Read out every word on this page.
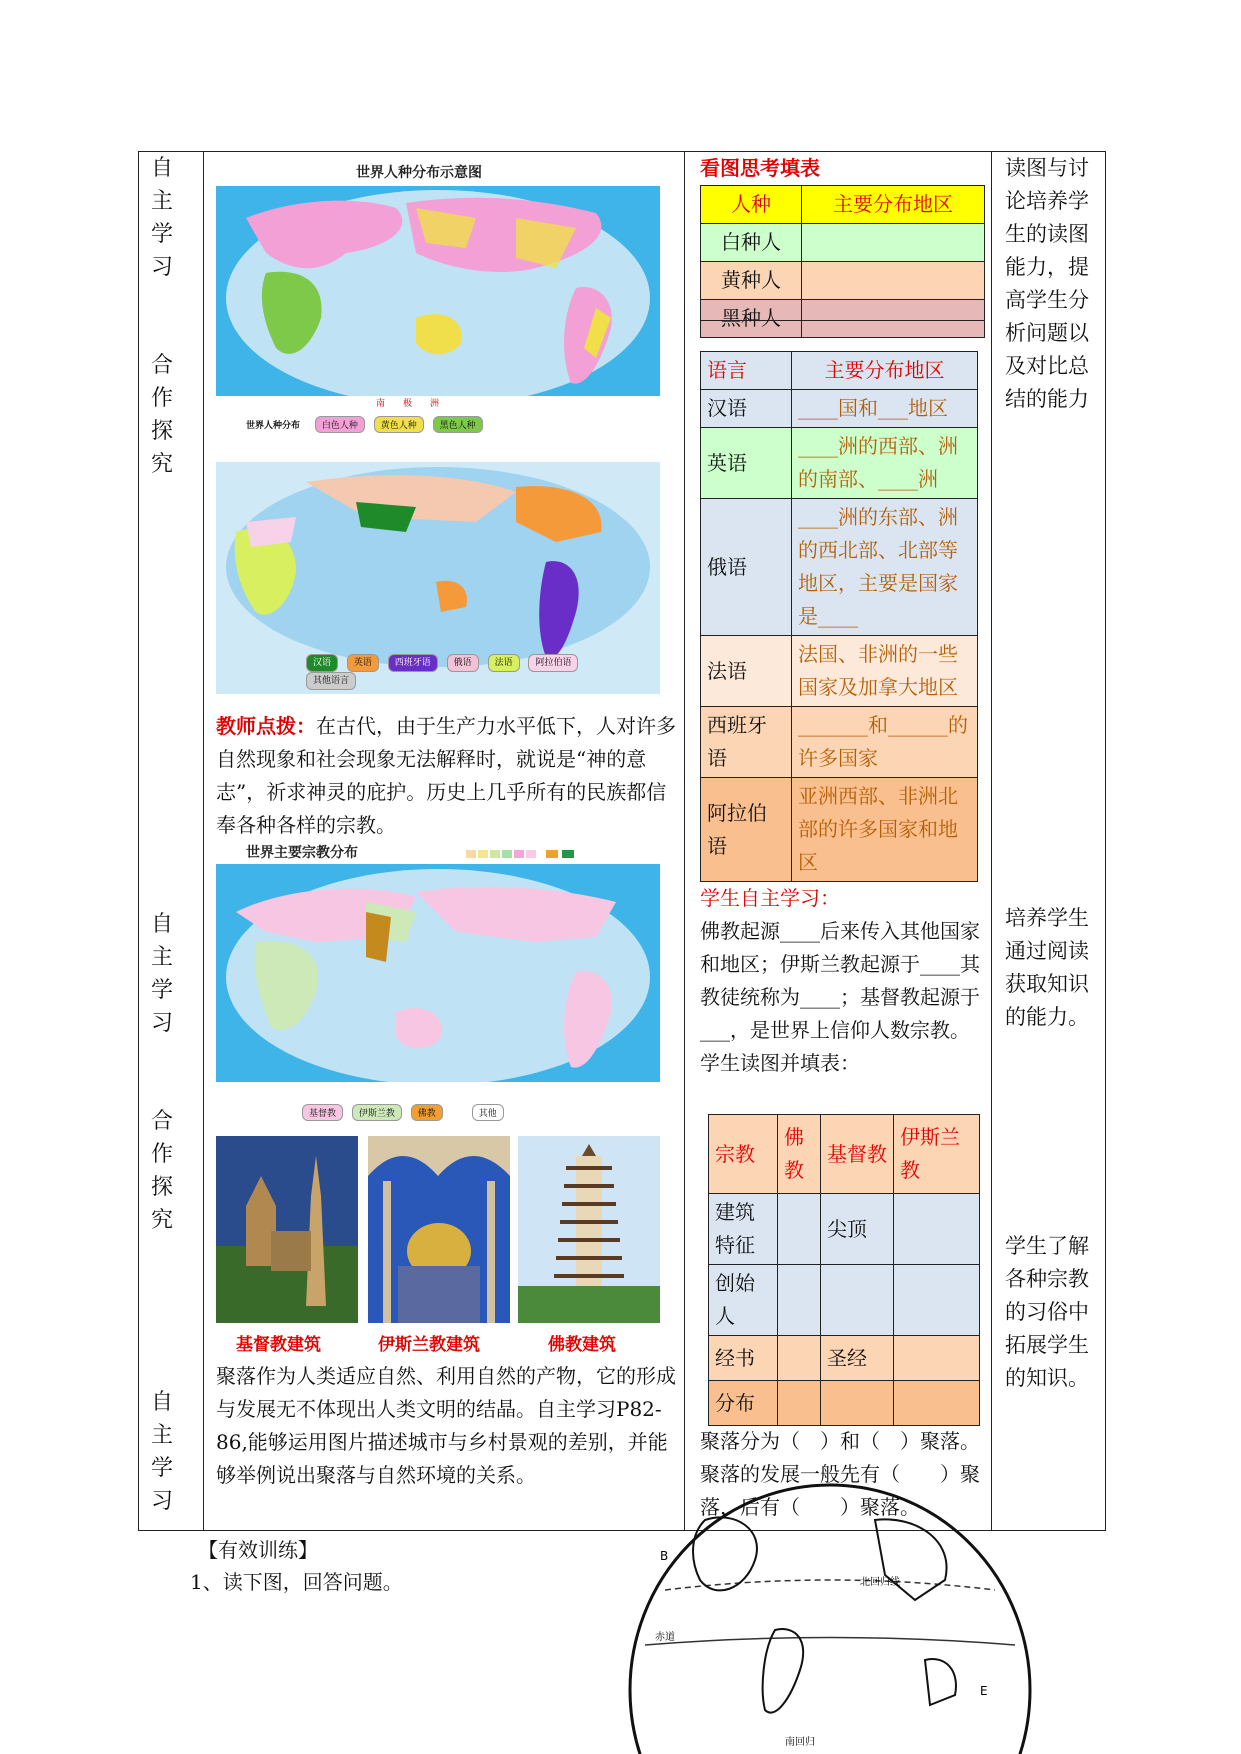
自主学习
合作探究
自主学习
合作探究
自主学习
世界人种分布示意图
南　　极　　洲
世界人种分布 白色人种	黄色人种	黑色人种
汉语	英语	西班牙语	俄语	法语	阿拉伯语 其他语言
教师点拨：在古代，由于生产力水平低下，人对许多自然现象和社会现象无法解释时，就说是“神的意志”，祈求神灵的庇护。历史上几乎所有的民族都信奉各种各样的宗教。
世界主要宗教分布
基督教	伊斯兰教	佛教	其他
基督教建筑	伊斯兰教建筑	佛教建筑
聚落作为人类适应自然、利用自然的产物，它的形成与发展无不体现出人类文明的结晶。自主学习P82-86,能够运用图片描述城市与乡村景观的差别，并能够举例说出聚落与自然环境的关系。
看图思考填表
人种	主要分布地区
白种人	
黄种人	
黑种人	
语言	主要分布地区
汉语	____国和___地区
英语	____洲的西部、洲的南部、____洲
俄语	____洲的东部、洲的西北部、北部等地区，主要是国家是____
法语	法国、非洲的一些国家及加拿大地区
西班牙语	_______和______的许多国家
阿拉伯语	亚洲西部、非洲北部的许多国家和地区
学生自主学习：
佛教起源____后来传入其他国家和地区；伊斯兰教起源于____其教徒统称为____；基督教起源于___，是世界上信仰人数宗教。
学生读图并填表：
宗教	佛教	基督教	伊斯兰教
建筑特征		尖顶	
创始人			
经书		圣经	
分布			
聚落分为（　）和（　）聚落。
聚落的发展一般先有（　　）聚落，后有（　　）聚落。
读图与讨论培养学生的读图能力，提高学生分析问题以及对比总结的能力
培养学生通过阅读获取知识的能力。
学生了解各种宗教的习俗中拓展学生的知识。
【有效训练】
1、读下图，回答问题。
B
北回归线
赤道
E
南回归
